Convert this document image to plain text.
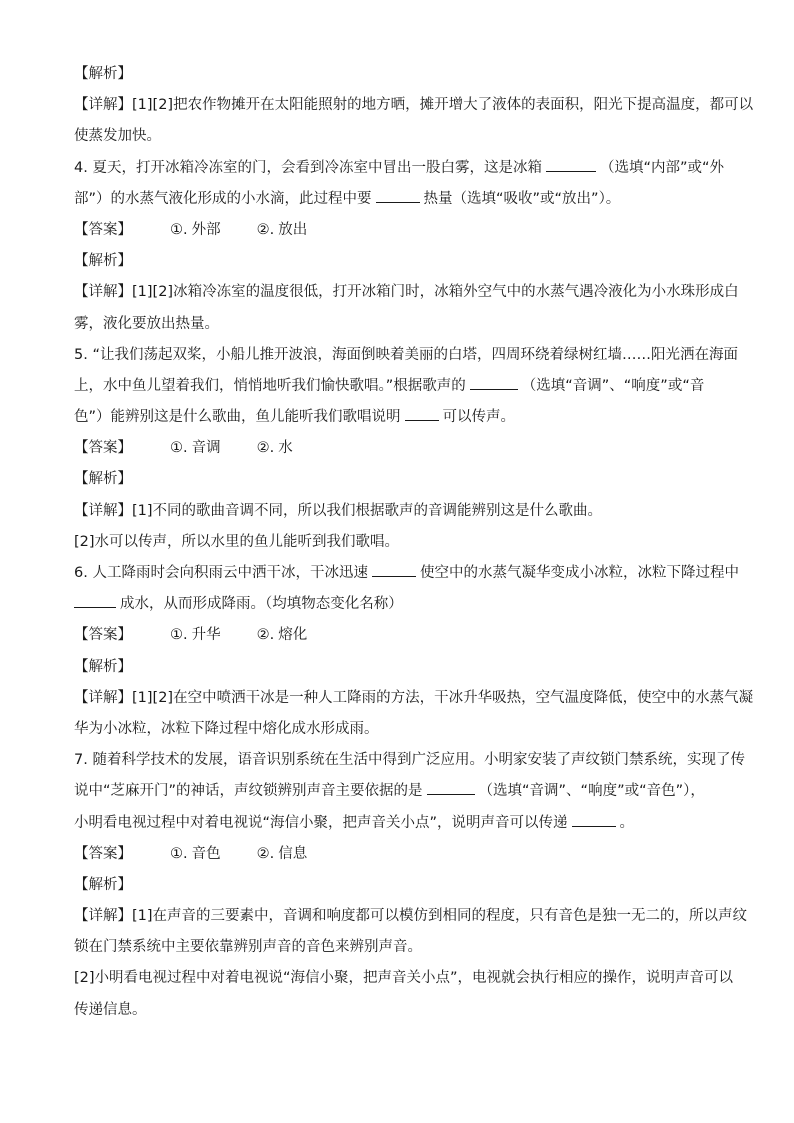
【解析】
【详解】[1][2]把农作物摊开在太阳能照射的地方晒，摊开增大了液体的表面积，阳光下提高温度，都可以
使蒸发加快。
4. 夏天，打开冰箱冷冻室的门，会看到冷冻室中冒出一股白雾，这是冰箱	（选填“内部”或“外
部”）的水蒸气液化形成的小水滴，此过程中要	热量（选填“吸收”或“放出”）。
【答案】	①. 外部 ②. 放出
【解析】
【详解】[1][2]冰箱冷冻室的温度很低，打开冰箱门时，冰箱外空气中的水蒸气遇冷液化为小水珠形成白
雾，液化要放出热量。
5. “让我们荡起双桨，小船儿推开波浪，海面倒映着美丽的白塔，四周环绕着绿树红墙……阳光洒在海面
上，水中鱼儿望着我们，悄悄地听我们愉快歌唱。”根据歌声的	（选填“音调”、“响度”或“音
色”）能辨别这是什么歌曲，鱼儿能听我们歌唱说明	可以传声。
【答案】	①. 音调 ②. 水
【解析】
【详解】[1]不同的歌曲音调不同，所以我们根据歌声的音调能辨别这是什么歌曲。
[2]水可以传声，所以水里的鱼儿能听到我们歌唱。
6. 人工降雨时会向积雨云中洒干冰，干冰迅速	使空中的水蒸气凝华变成小冰粒，冰粒下降过程中
成水，从而形成降雨。（均填物态变化名称）
【答案】	①. 升华 ②. 熔化
【解析】
【详解】[1][2]在空中喷洒干冰是一种人工降雨的方法，干冰升华吸热，空气温度降低，使空中的水蒸气凝
华为小冰粒，冰粒下降过程中熔化成水形成雨。
7. 随着科学技术的发展，语音识别系统在生活中得到广泛应用。小明家安装了声纹锁门禁系统，实现了传
说中“芝麻开门”的神话，声纹锁辨别声音主要依据的是	（选填“音调”、“响度”或“音色”），
小明看电视过程中对着电视说“海信小聚，把声音关小点”，说明声音可以传递	。
【答案】	①. 音色 ②. 信息
【解析】
【详解】[1]在声音的三要素中，音调和响度都可以模仿到相同的程度，只有音色是独一无二的，所以声纹
锁在门禁系统中主要依靠辨别声音的音色来辨别声音。
[2]小明看电视过程中对着电视说“海信小聚，把声音关小点”，电视就会执行相应的操作，说明声音可以
传递信息。
